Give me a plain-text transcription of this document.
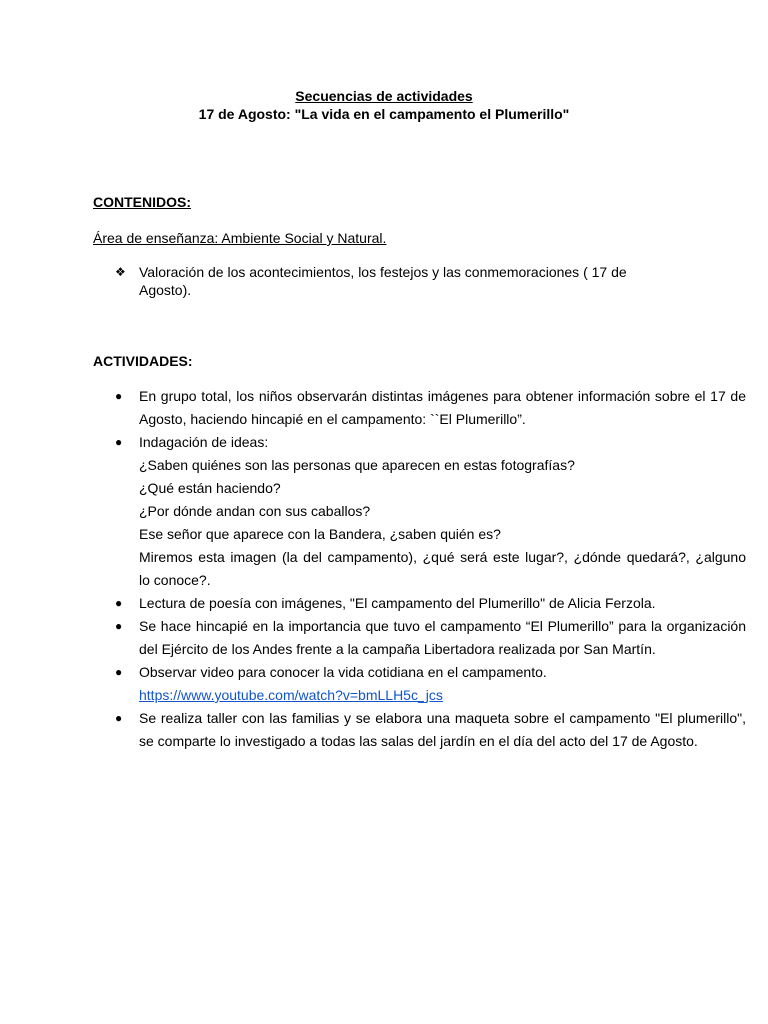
Secuencias de actividades
17 de Agosto: "La vida en el campamento el Plumerillo"
CONTENIDOS:
Área de enseñanza: Ambiente Social y Natural.
❖ Valoración de los acontecimientos, los festejos y las conmemoraciones ( 17 de
Agosto).
ACTIVIDADES:
● En grupo total, los niños observarán distintas imágenes para obtener información sobre el 17 de
Agosto, haciendo hincapié en el campamento: ``El Plumerillo”.
● Indagación de ideas:
¿Saben quiénes son las personas que aparecen en estas fotografías?
¿Qué están haciendo?
¿Por dónde andan con sus caballos?
Ese señor que aparece con la Bandera, ¿saben quién es?
Miremos esta imagen (la del campamento), ¿qué será este lugar?, ¿dónde quedará?, ¿alguno
lo conoce?.
● Lectura de poesía con imágenes, "El campamento del Plumerillo" de Alicia Ferzola.
● Se hace hincapié en la importancia que tuvo el campamento “El Plumerillo” para la organización
del Ejército de los Andes frente a la campaña Libertadora realizada por San Martín.
● Observar video para conocer la vida cotidiana en el campamento.
https://www.youtube.com/watch?v=bmLLH5c_jcs
● Se realiza taller con las familias y se elabora una maqueta sobre el campamento "El plumerillo",
se comparte lo investigado a todas las salas del jardín en el día del acto del 17 de Agosto.
